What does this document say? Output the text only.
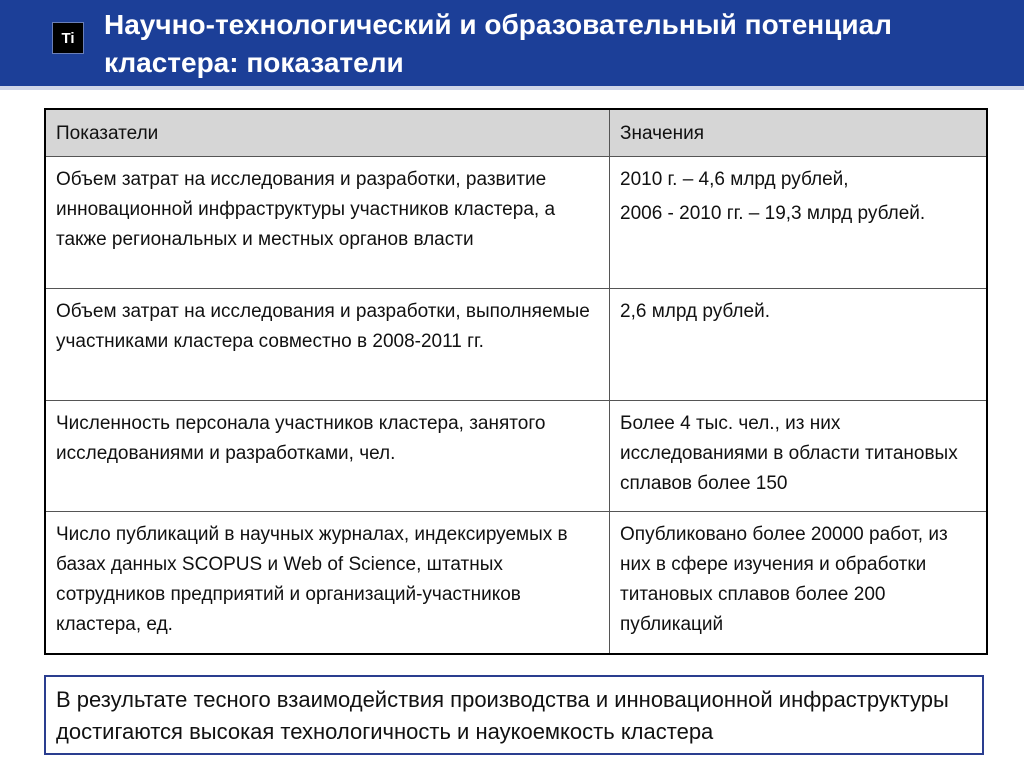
Ti	Научно-технологический и образовательный потенциал кластера: показатели
Показатели	Значения
Объем затрат на исследования и разработки, развитие инновационной инфраструктуры участников кластера, а также региональных и местных органов власти	2010 г. – 4,6 млрд рублей,
2006 - 2010 гг. – 19,3 млрд рублей.

Объем затрат на исследования и разработки, выполняемые участниками кластера совместно в 2008-2011 гг.	2,6 млрд рублей.

Численность персонала участников кластера, занятого исследованиями и разработками, чел.	Более 4 тыс. чел., из них исследованиями в области титановых сплавов более 150

Число публикаций в научных журналах, индексируемых в базах данных SCOPUS и Web of Science, штатных сотрудников предприятий и организаций-участников кластера, ед.	Опубликовано более 20000 работ, из них в сфере изучения и обработки титановых сплавов более 200 публикаций
В результате тесного взаимодействия производства и инновационной инфраструктуры достигаются высокая технологичность и наукоемкость кластера
